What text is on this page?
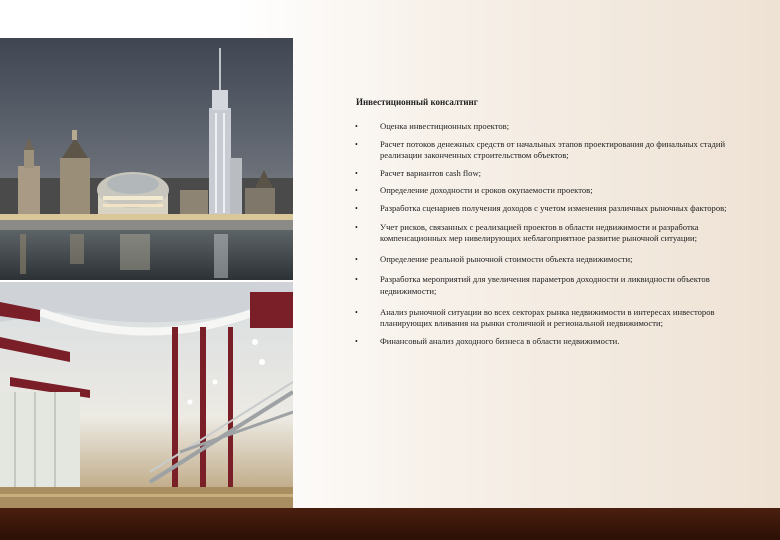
Инвестиционный консалтинг
•	Оценка инвестиционных проектов;
•	Расчет потоков денежных средств от начальных этапов проектирования до финальных стадий реализации законченных строительством объектов;
•	Расчет вариантов cash flow;
•	Определение доходности и сроков окупаемости проектов;
•	Разработка сценариев получения доходов с учетом изменения различных рыночных факторов;
•	Учет рисков, связанных с реализацией проектов в области недвижимости и разработка компенсационных мер нивелирующих неблагоприятное развитие рыночной ситуации;
•	Определение реальной рыночной стоимости объекта недвижимости;
•	Разработка мероприятий для увеличения параметров доходности и ликвидности объектов недвижимости;
•	Анализ рыночной ситуации во всех секторах рынка недвижимости в интересах инвесторов планирующих вливания на рынки столичной и региональной недвижимости;
•	Финансовый анализ доходного бизнеса в области недвижимости.
